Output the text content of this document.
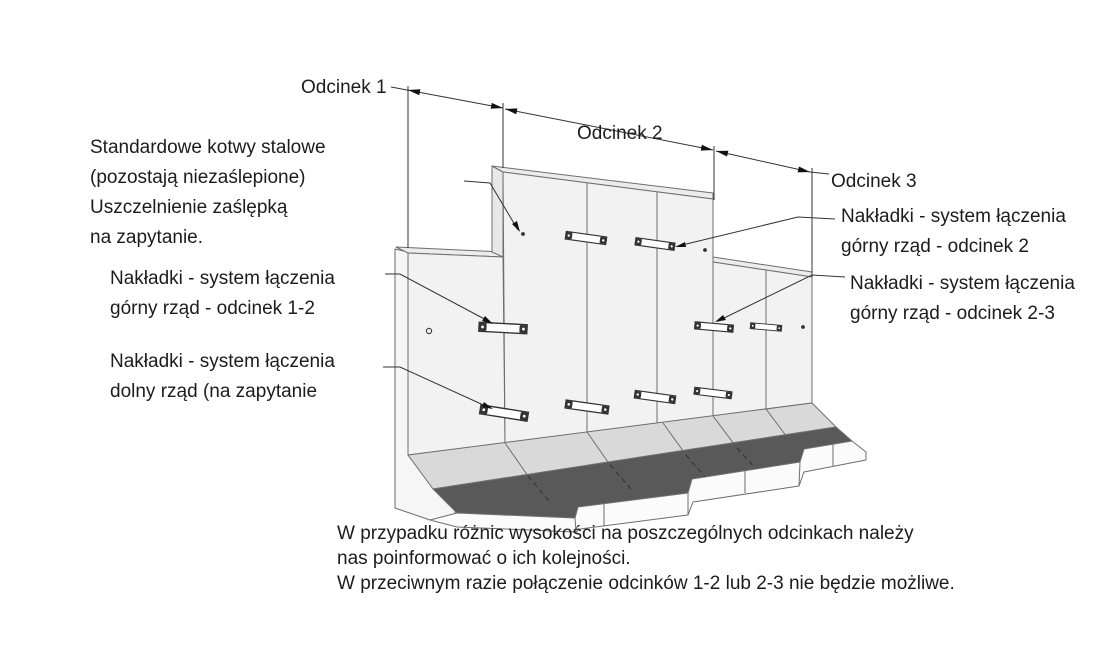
Standardowe kotwy stalowe
(pozostają niezaślepione)
Uszczelnienie zaślępką
na zapytanie.
Nakładki - system łączenia
górny rząd - odcinek 1-2
Nakładki - system łączenia
dolny rząd (na zapytanie
Odcinek 1
Odcinek 2
Odcinek 3
Nakładki - system łączenia
górny rząd - odcinek 2
Nakładki - system łączenia
górny rząd - odcinek 2-3
W przypadku różnic wysokości na poszczególnych odcinkach należy
nas poinformować o ich kolejności.
W przeciwnym razie połączenie odcinków 1-2 lub 2-3 nie będzie możliwe.
